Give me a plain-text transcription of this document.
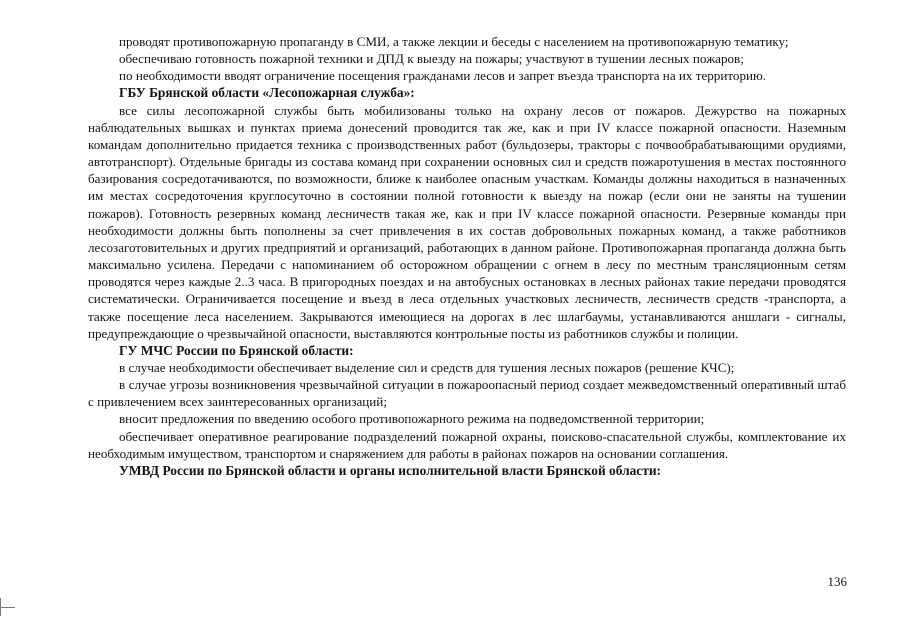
проводят противопожарную пропаганду в СМИ, а также лекции и беседы с населением на противопожарную тематику;

обеспечиваю готовность пожарной техники и ДПД к выезду на пожары; участвуют в тушении лесных пожаров;

по необходимости вводят ограничение посещения гражданами лесов и запрет въезда транспорта на их территорию.

ГБУ Брянской области «Лесопожарная служба»:

все силы лесопожарной службы быть мобилизованы только на охрану лесов от пожаров. Дежурство на пожарных наблюдательных вышках и пунктах приема донесений проводится так же, как и при IV классе пожарной опасности. Наземным командам дополнительно придается техника с производственных работ (бульдозеры, тракторы с почвообрабатывающими орудиями, автотранспорт). Отдельные бригады из состава команд при сохранении основных сил и средств пожаротушения в местах постоянного базирования сосредотачиваются, по возможности, ближе к наиболее опасным участкам. Команды должны находиться в назначенных им местах сосредоточения круглосуточно в состоянии полной готовности к выезду на пожар (если они не заняты на тушении пожаров). Готовность резервных команд лесничеств такая же, как и при IV классе пожарной опасности. Резервные команды при необходимости должны быть пополнены за счет привлечения в их состав добровольных пожарных команд, а также работников лесозаготовительных и других предприятий и организаций, работающих в данном районе. Противопожарная пропаганда должна быть максимально усилена. Передачи с напоминанием об осторожном обращении с огнем в лесу по местным трансляционным сетям проводятся через каждые 2..3 часа. В пригородных поездах и на автобусных остановках в лесных районах такие передачи проводятся систематически. Ограничивается посещение и въезд в леса отдельных участковых лесничеств, лесничеств средств -транспорта, а также посещение леса населением. Закрываются имеющиеся на дорогах в лес шлагбаумы, устанавливаются аншлаги - сигналы, предупреждающие о чрезвычайной опасности, выставляются контрольные посты из работников службы и полиции.

ГУ МЧС России по Брянской области:

в случае необходимости обеспечивает выделение сил и средств для тушения лесных пожаров (решение КЧС);

в случае угрозы возникновения чрезвычайной ситуации в пожароопасный период создает межведомственный оперативный штаб с привлечением всех заинтересованных организаций;

вносит предложения по введению особого противопожарного режима на подведомственной территории;

обеспечивает оперативное реагирование подразделений пожарной охраны, поисково-спасательной службы, комплектование их необходимым имуществом, транспортом и снаряжением для работы в районах пожаров на основании соглашения.

УМВД России по Брянской области и органы исполнительной власти Брянской области:
136
